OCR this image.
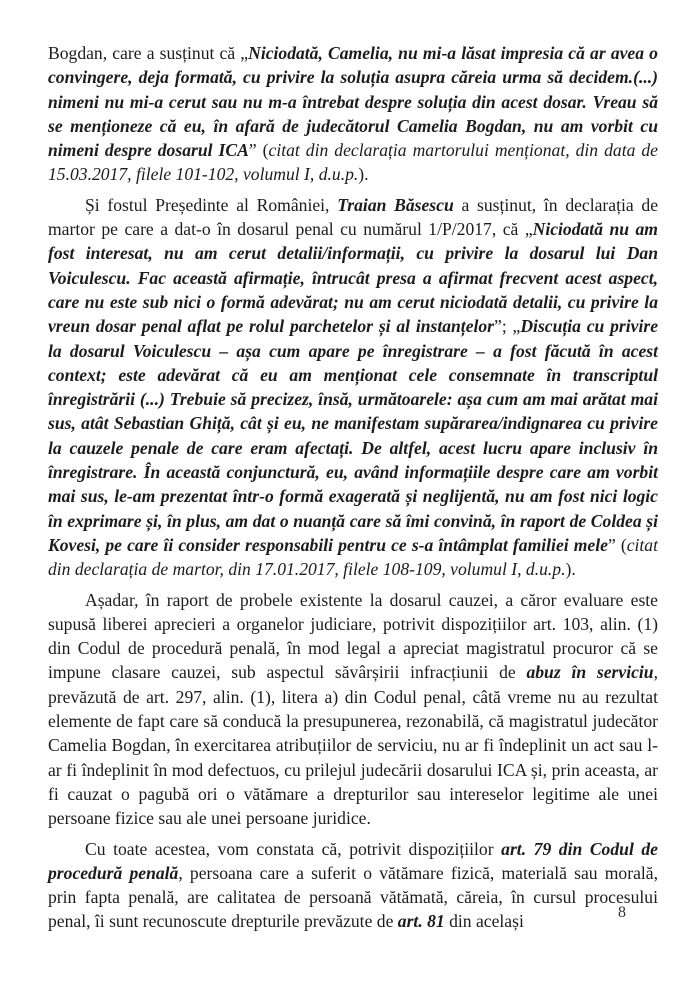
Bogdan, care a susținut că „Niciodată, Camelia, nu mi-a lăsat impresia că ar avea o convingere, deja formată, cu privire la soluția asupra căreia urma să decidem.(...) nimeni nu mi-a cerut sau nu m-a întrebat despre soluția din acest dosar. Vreau să se menționeze că eu, în afară de judecătorul Camelia Bogdan, nu am vorbit cu nimeni despre dosarul ICA” (citat din declarația martorului menționat, din data de 15.03.2017, filele 101-102, volumul I, d.u.p.).

Și fostul Președinte al României, Traian Băsescu a susținut, în declarația de martor pe care a dat-o în dosarul penal cu numărul 1/P/2017, că „Niciodată nu am fost interesat, nu am cerut detalii/informații, cu privire la dosarul lui Dan Voiculescu. Fac această afirmație, întrucât presa a afirmat frecvent acest aspect, care nu este sub nici o formă adevărat; nu am cerut niciodată detalii, cu privire la vreun dosar penal aflat pe rolul parchetelor și al instanțelor”; „Discuția cu privire la dosarul Voiculescu – așa cum apare pe înregistrare – a fost făcută în acest context; este adevărat că eu am menționat cele consemnate în transcriptul înregistrării (...) Trebuie să precizez, însă, următoarele: așa cum am mai arătat mai sus, atât Sebastian Ghiță, cât și eu, ne manifestam supărarea/indignarea cu privire la cauzele penale de care eram afectați. De altfel, acest lucru apare inclusiv în înregistrare. În această conjunctură, eu, având informațiile despre care am vorbit mai sus, le-am prezentat într-o formă exagerată și neglijentă, nu am fost nici logic în exprimare și, în plus, am dat o nuanță care să îmi convină, în raport de Coldea și Kovesi, pe care îi consider responsabili pentru ce s-a întâmplat familiei mele” (citat din declarația de martor, din 17.01.2017, filele 108-109, volumul I, d.u.p.).

Așadar, în raport de probele existente la dosarul cauzei, a căror evaluare este supusă liberei aprecieri a organelor judiciare, potrivit dispozițiilor art. 103, alin. (1) din Codul de procedură penală, în mod legal a apreciat magistratul procuror că se impune clasare cauzei, sub aspectul săvârșirii infracțiunii de abuz în serviciu, prevăzută de art. 297, alin. (1), litera a) din Codul penal, câtă vreme nu au rezultat elemente de fapt care să conducă la presupunerea, rezonabilă, că magistratul judecător Camelia Bogdan, în exercitarea atribuțiilor de serviciu, nu ar fi îndeplinit un act sau l-ar fi îndeplinit în mod defectuos, cu prilejul judecării dosarului ICA și, prin aceasta, ar fi cauzat o pagubă ori o vătămare a drepturilor sau intereselor legitime ale unei persoane fizice sau ale unei persoane juridice.

Cu toate acestea, vom constata că, potrivit dispozițiilor art. 79 din Codul de procedură penală, persoana care a suferit o vătămare fizică, materială sau morală, prin fapta penală, are calitatea de persoană vătămată, căreia, în cursul procesului penal, îi sunt recunoscute drepturile prevăzute de art. 81 din același	8
